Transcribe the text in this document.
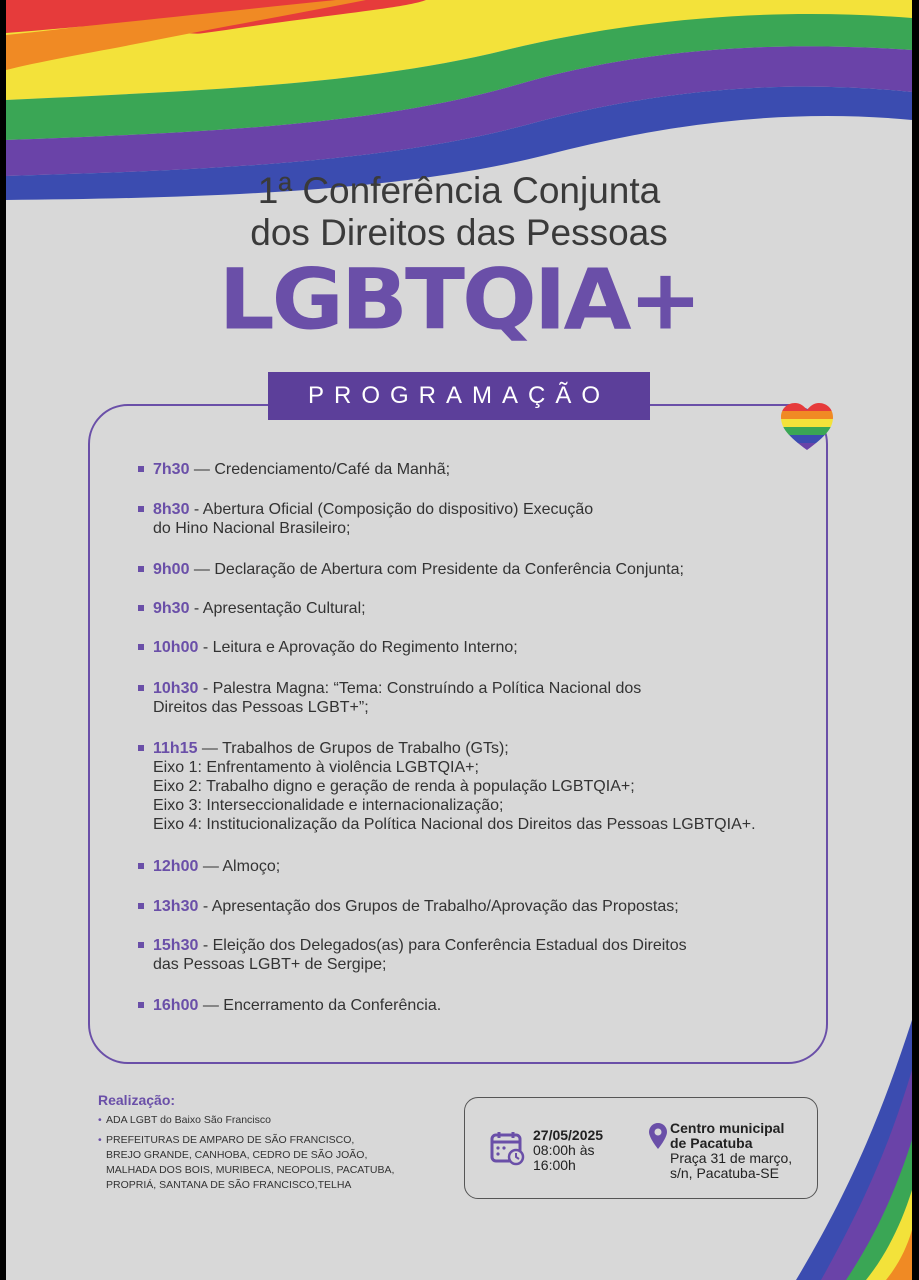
1ª Conferência Conjunta
dos Direitos das Pessoas
LGBTQIA+
PROGRAMAÇÃO
7h30 — Credenciamento/Café da Manhã;
8h30 - Abertura Oficial (Composição do dispositivo) Execução
do Hino Nacional Brasileiro;
9h00 — Declaração de Abertura com Presidente da Conferência Conjunta;
9h30 - Apresentação Cultural;
10h00 - Leitura e Aprovação do Regimento Interno;
10h30 - Palestra Magna: “Tema: Construíndo a Política Nacional dos
Direitos das Pessoas LGBT+”;
11h15 — Trabalhos de Grupos de Trabalho (GTs);
Eixo 1: Enfrentamento à violência LGBTQIA+;
Eixo 2: Trabalho digno e geração de renda à população LGBTQIA+;
Eixo 3: Interseccionalidade e internacionalização;
Eixo 4: Institucionalização da Política Nacional dos Direitos das Pessoas LGBTQIA+.
12h00 — Almoço;
13h30 - Apresentação dos Grupos de Trabalho/Aprovação das Propostas;
15h30 - Eleição dos Delegados(as) para Conferência Estadual dos Direitos
das Pessoas LGBT+ de Sergipe;
16h00 — Encerramento da Conferência.
Realização:
• ADA LGBT do Baixo São Francisco
• PREFEITURAS DE AMPARO DE SÃO FRANCISCO,
BREJO GRANDE, CANHOBA, CEDRO DE SÃO JOÃO,
MALHADA DOS BOIS, MURIBECA, NEOPOLIS, PACATUBA,
PROPRIÁ, SANTANA DE SÃO FRANCISCO,TELHA
27/05/2025
08:00h às
16:00h
Centro municipal
de Pacatuba
Praça 31 de março,
s/n, Pacatuba-SE
